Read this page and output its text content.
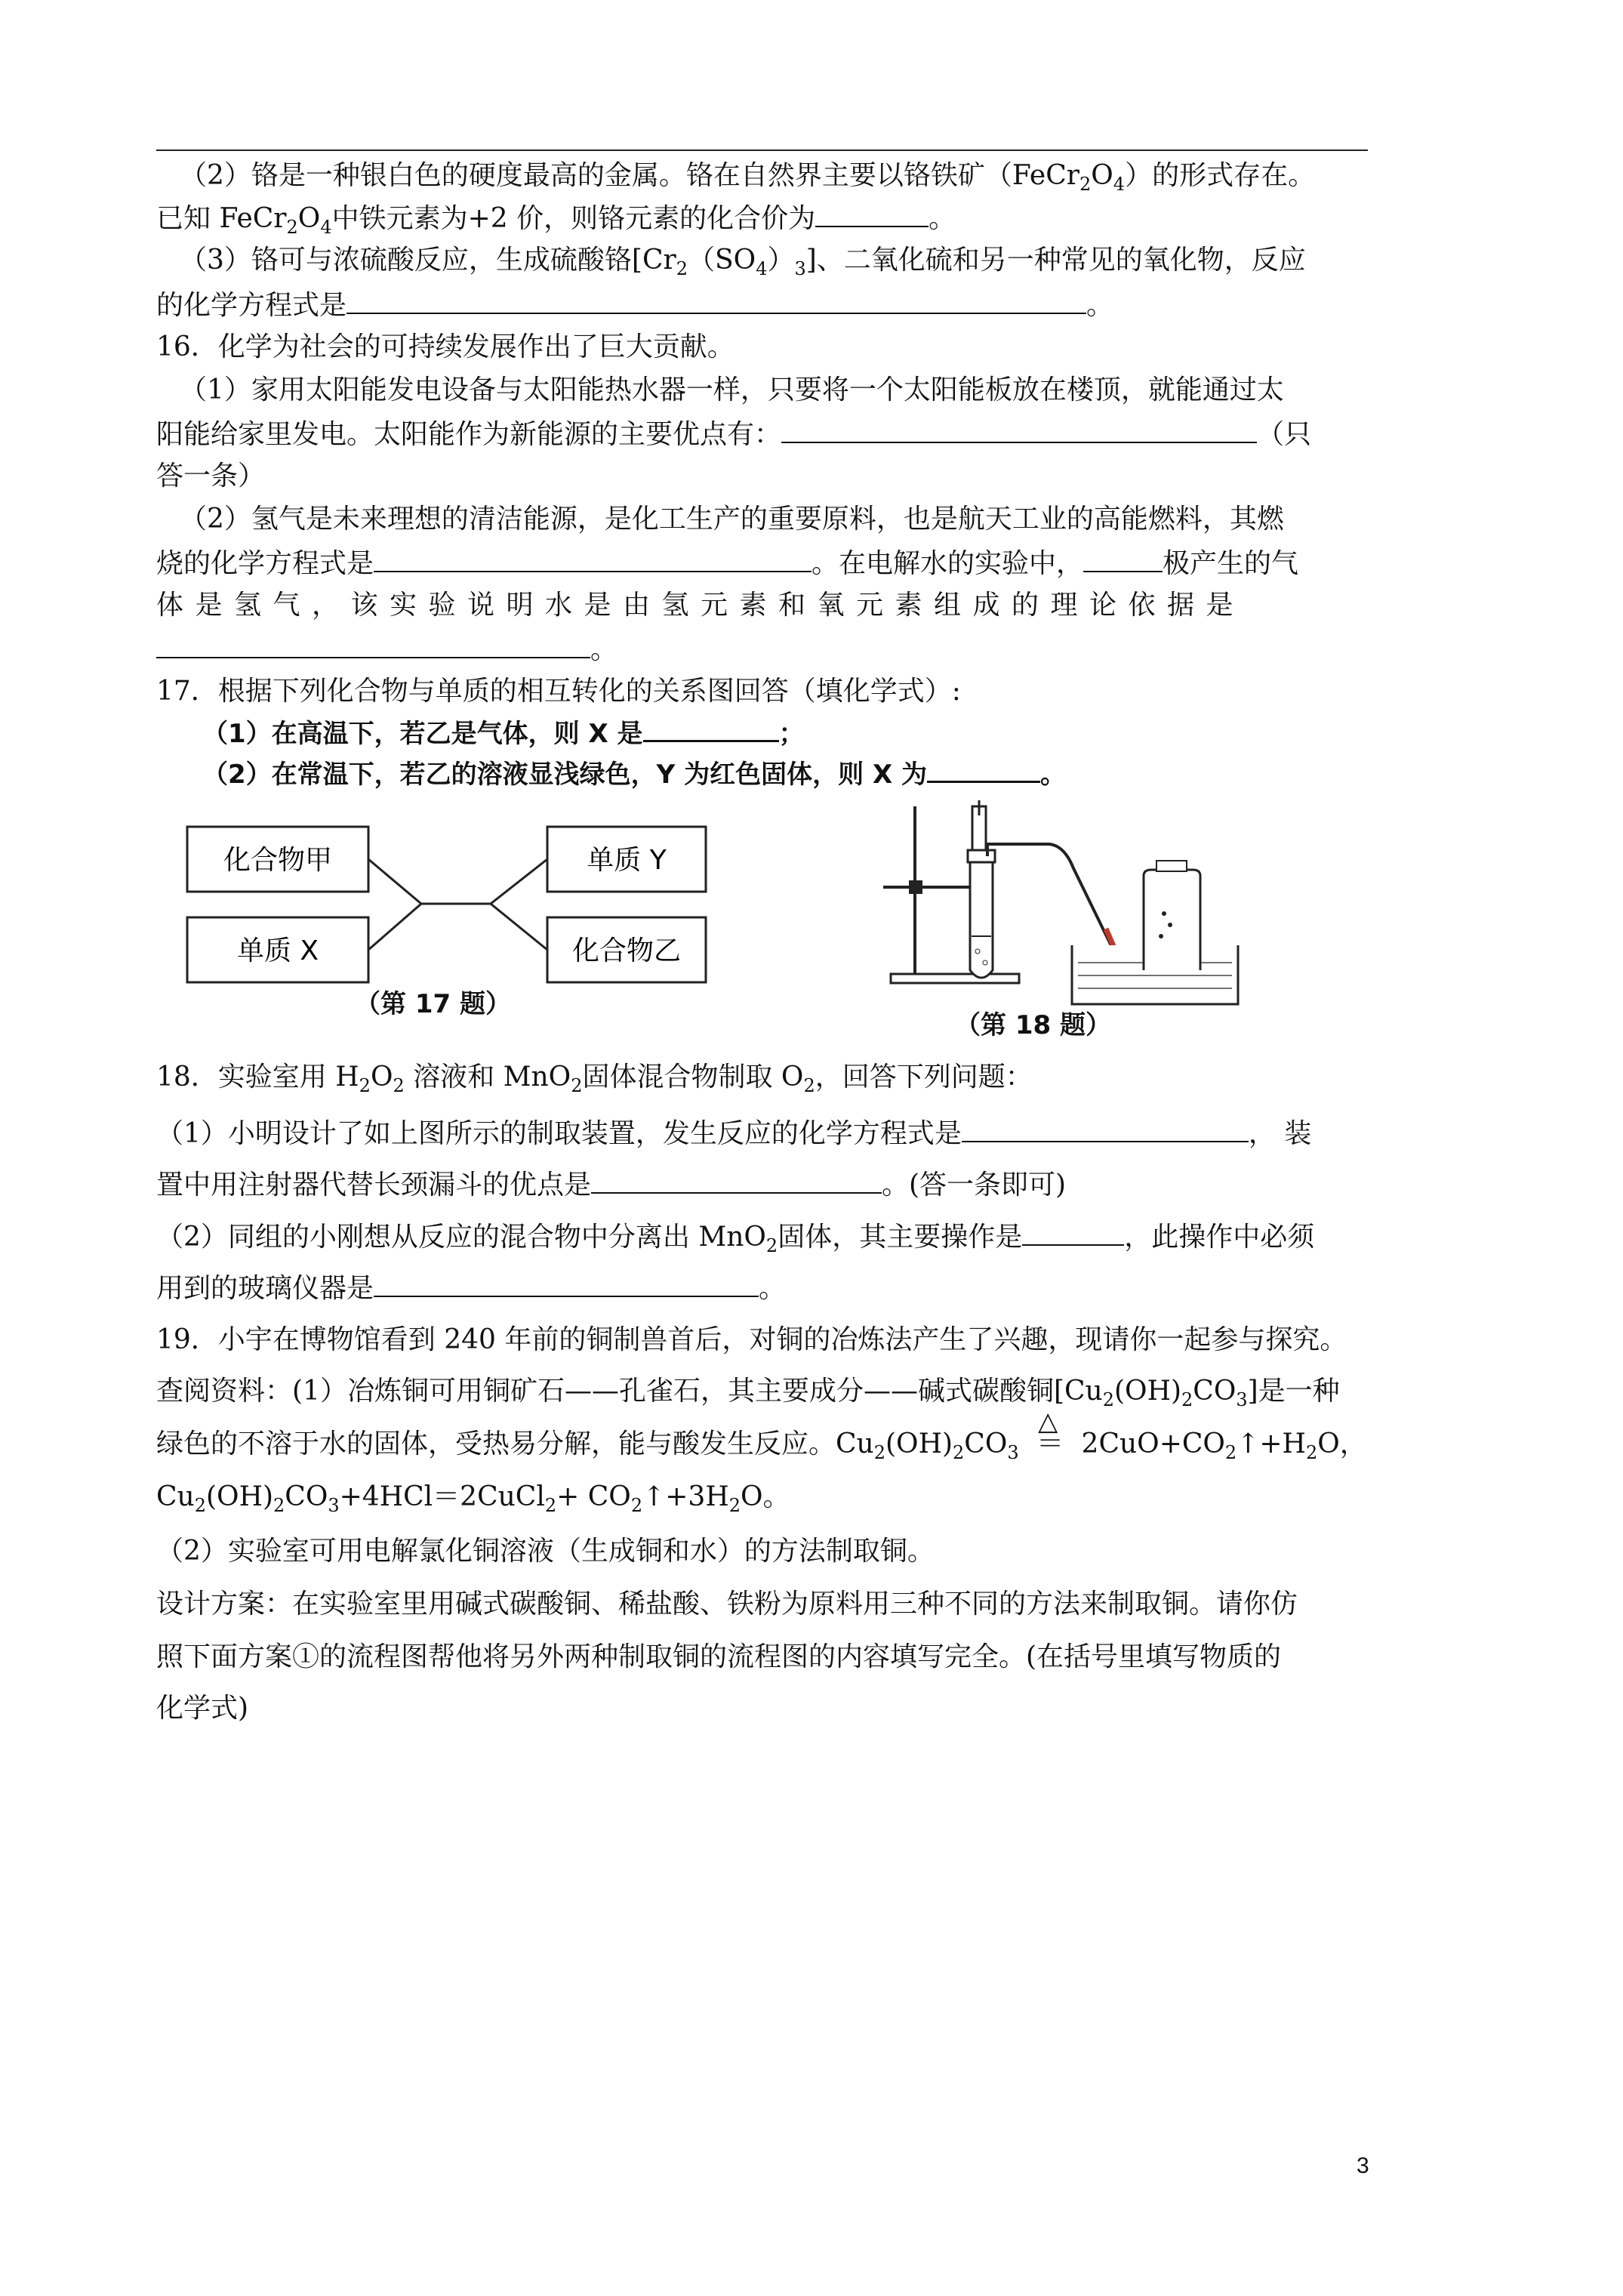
（2）铬是一种银白色的硬度最高的金属。铬在自然界主要以铬铁矿$(FeCr_2O_4)$的形式存在。
已知 $FeCr_2O_4$中铁元素为+2 价，则铬元素的化合价为	。
（3）铬可与浓硫酸反应，生成硫酸铬$[Cr_2(SO_4)_3]$、二氧化硫和另一种常见的氧化物，反应
的化学方程式是	。
16．化学为社会的可持续发展作出了巨大贡献。
（1）家用太阳能发电设备与太阳能热水器一样，只要将一个太阳能板放在楼顶，就能通过太
阳能给家里发电。太阳能作为新能源的主要优点有：	（只
答一条）
（2）氢气是未来理想的清洁能源，是化工生产的重要原料，也是航天工业的高能燃料，其燃
烧的化学方程式是	。在电解水的实验中，	极产生的气
体是氢气，该实验说明水是由氢元素和氧元素组成的理论依据是
。
17．根据下列化合物与单质的相互转化的关系图回答（填化学式）:
（1）在高温下，若乙是气体，则 X 是	；
（2）在常温下，若乙的溶液显浅绿色，Y 为红色固体，则 X 为	。
化合物甲
单质 X
单质 Y
化合物乙
（第 17 题）
（第 18 题）
18．实验室用 $H_2O_2$ 溶液和 MnO$_2$固体混合物制取 $O_2$，回答下列问题：
（1）小明设计了如上图所示的制取装置，发生反应的化学方程式是	， 装
置中用注射器代替长颈漏斗的优点是	。(答一条即可)
（2）同组的小刚想从反应的混合物中分离出 MnO$_2$固体，其主要操作是	，此操作中必须
用到的玻璃仪器是	。
19．小宇在博物馆看到 240 年前的铜制兽首后，对铜的冶炼法产生了兴趣，现请你一起参与探究。
查阅资料：(1）冶炼铜可用铜矿石——孔雀石，其主要成分——碱式碳酸铜$[Cu_2(OH)_2CO_3]$是一种
绿色的不溶于水的固体，受热易分解，能与酸发生反应。$Cu_2(OH)_2CO_3$
△
＝ $2CuO+CO_2↑+H_2O$，
$Cu_2(OH)_2CO_3+4HCl=2CuCl_2+$ $CO_2↑+3H_2O$。
（2）实验室可用电解氯化铜溶液（生成铜和水）的方法制取铜。
设计方案：在实验室里用碱式碳酸铜、稀盐酸、铁粉为原料用三种不同的方法来制取铜。请你仿
照下面方案①的流程图帮他将另外两种制取铜的流程图的内容填写完全。(在括号里填写物质的
化学式)
3
